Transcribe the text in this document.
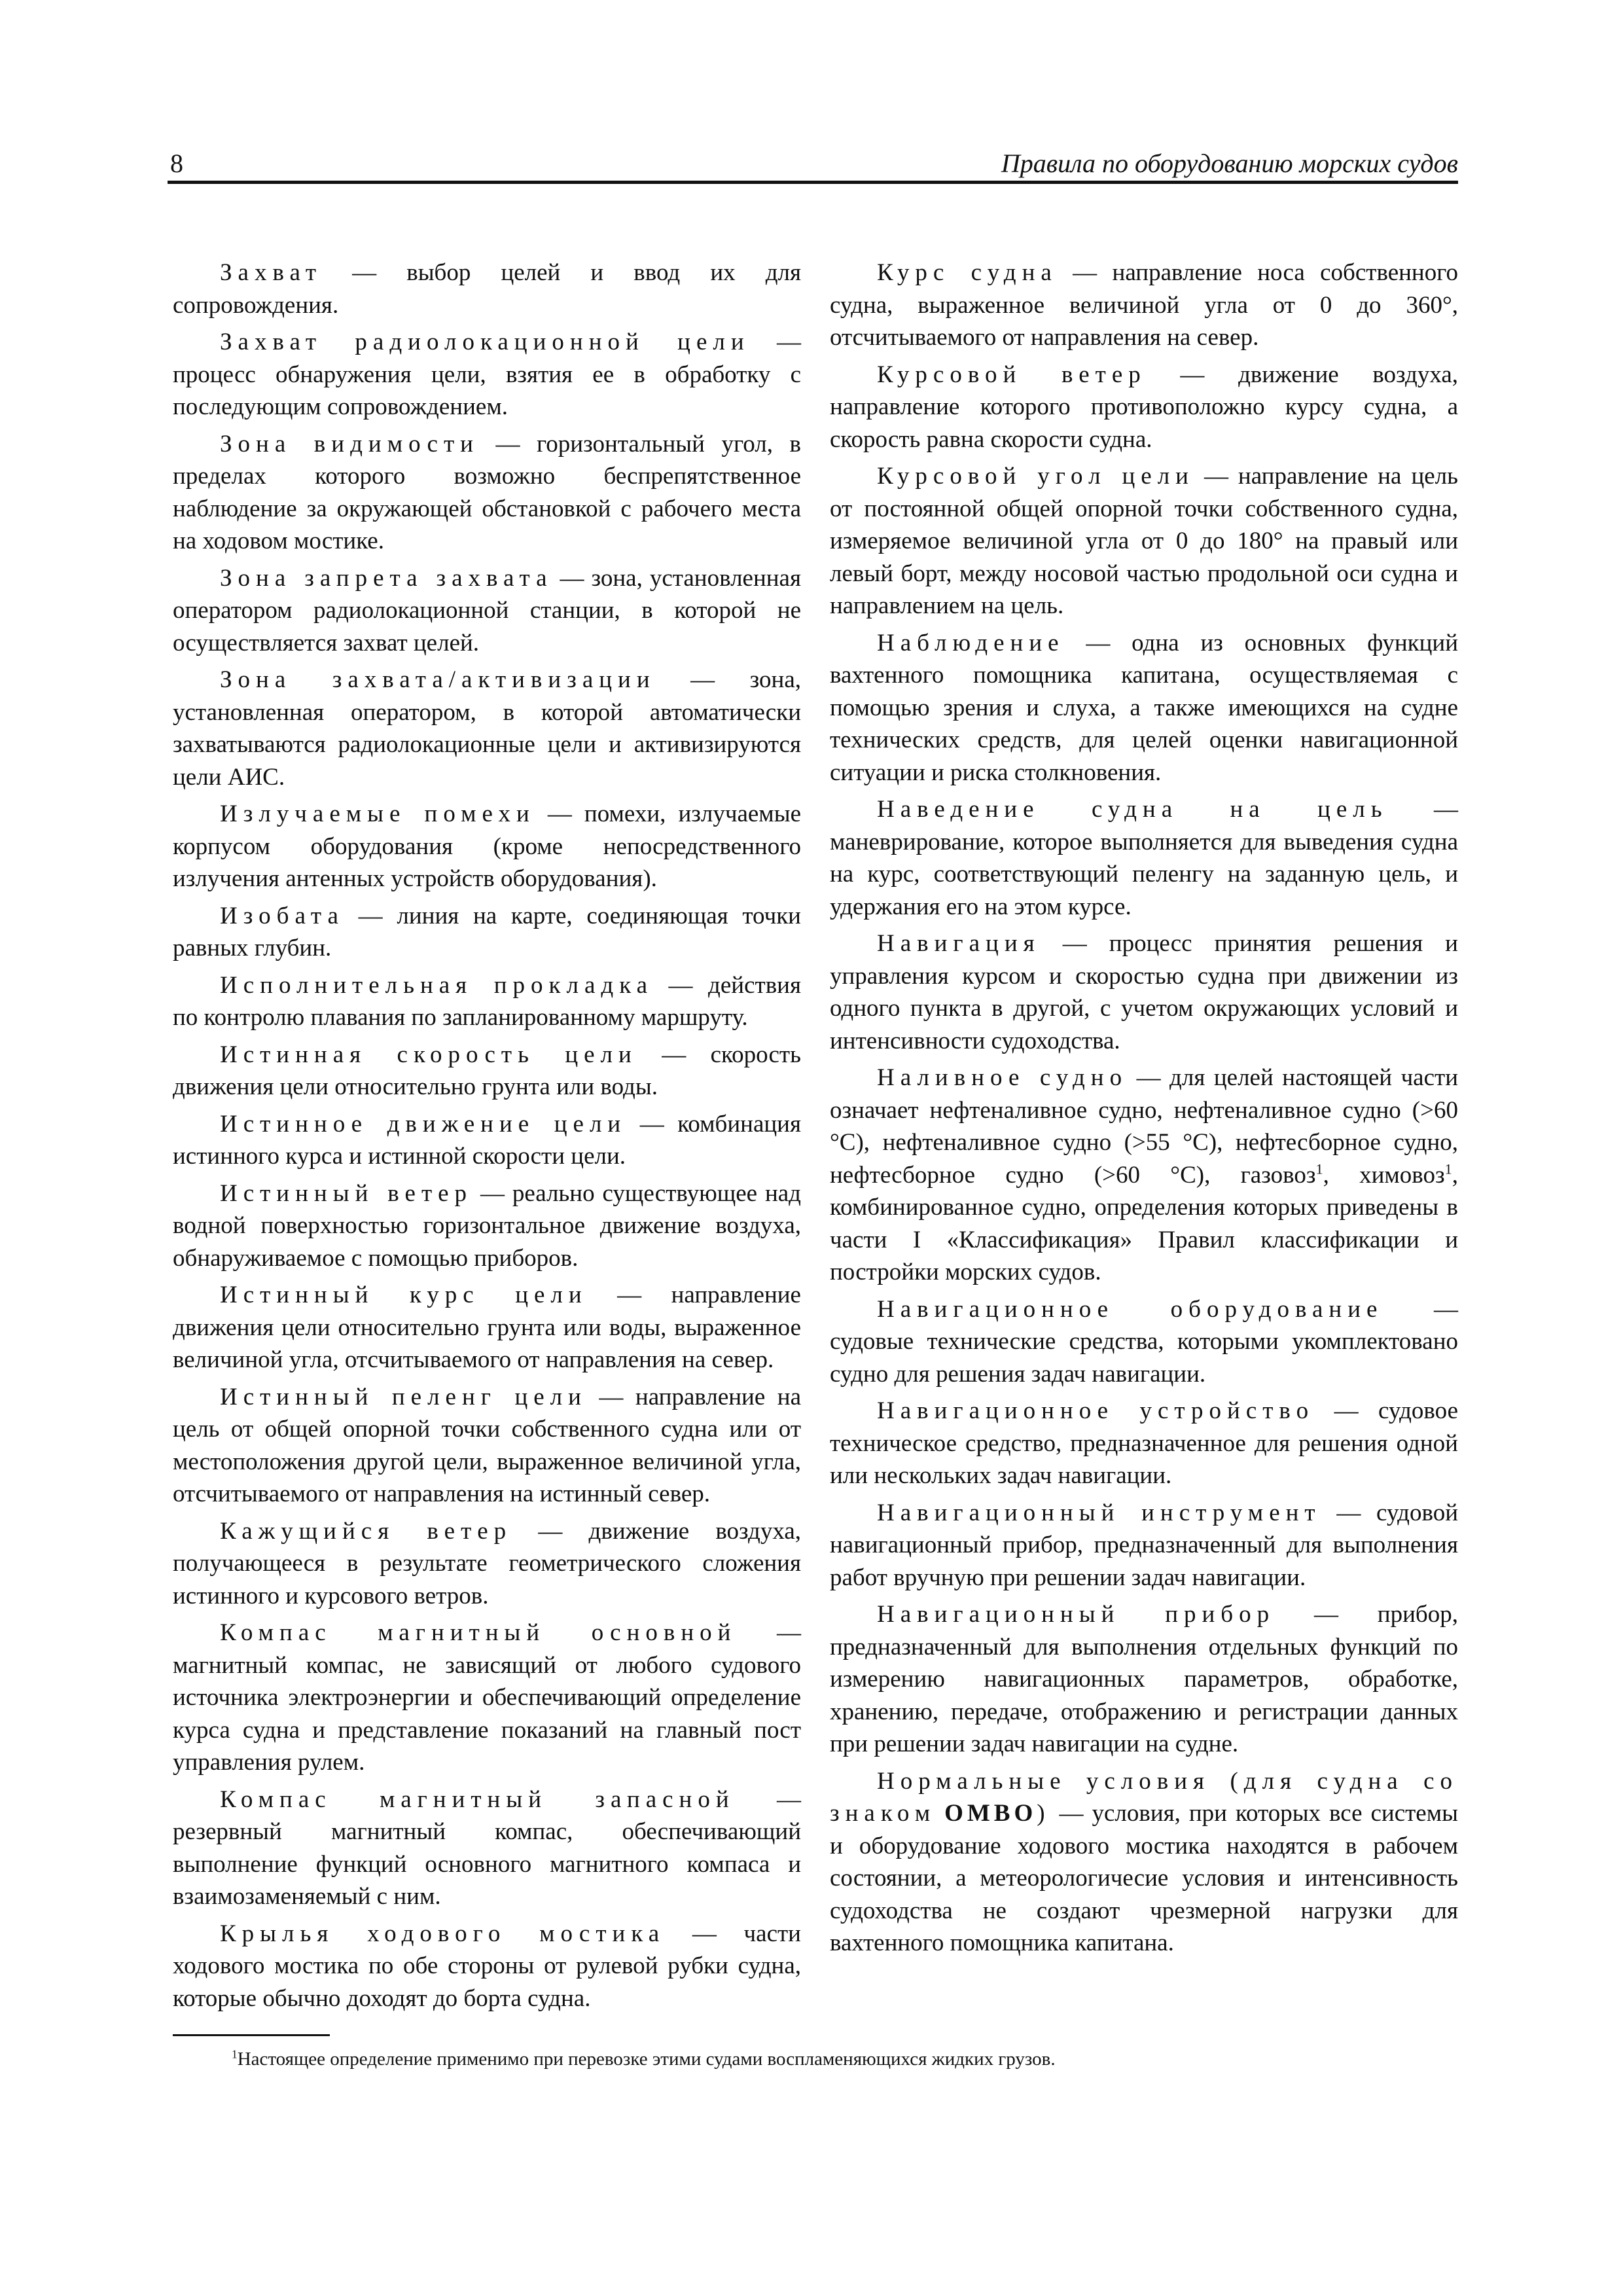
8	Правила по оборудованию морских судов

Захват — выбор целей и ввод их для сопровождения.

Захват радиолокационной цели — процесс обнаружения цели, взятия ее в обработку с последующим сопровождением.

Зона видимости — горизонтальный угол, в пределах которого возможно беспрепятственное наблюдение за окружающей обстановкой с рабочего места на ходовом мостике.

Зона запрета захвата — зона, установленная оператором радиолокационной станции, в которой не осуществляется захват целей.

Зона захвата/активизации — зона, установленная оператором, в которой автоматически захватываются радиолокационные цели и активизируются цели АИС.

Излучаемые помехи — помехи, излучаемые корпусом оборудования (кроме непосредственного излучения антенных устройств оборудования).

Изобата — линия на карте, соединяющая точки равных глубин.

Исполнительная прокладка — действия по контролю плавания по запланированному маршруту.

Истинная скорость цели — скорость движения цели относительно грунта или воды.

Истинное движение цели — комбинация истинного курса и истинной скорости цели.

Истинный ветер — реально существующее над водной поверхностью горизонтальное движение воздуха, обнаруживаемое с помощью приборов.

Истинный курс цели — направление движения цели относительно грунта или воды, выраженное величиной угла, отсчитываемого от направления на север.

Истинный пеленг цели — направление на цель от общей опорной точки собственного судна или от местоположения другой цели, выраженное величиной угла, отсчитываемого от направления на истинный север.

Кажущийся ветер — движение воздуха, получающееся в результате геометрического сложения истинного и курсового ветров.

Компас магнитный основной — магнитный компас, не зависящий от любого судового источника электроэнергии и обеспечивающий определение курса судна и представление показаний на главный пост управления рулем.

Компас магнитный запасной — резервный магнитный компас, обеспечивающий выполнение функций основного магнитного компаса и взаимозаменяемый с ним.

Крылья ходового мостика — части ходового мостика по обе стороны от рулевой рубки судна, которые обычно доходят до борта судна.

Курс судна — направление носа собственного судна, выраженное величиной угла от 0 до 360°, отсчитываемого от направления на север.

Курсовой ветер — движение воздуха, направление которого противоположно курсу судна, а скорость равна скорости судна.

Курсовой угол цели — направление на цель от постоянной общей опорной точки собственного судна, измеряемое величиной угла от 0 до 180° на правый или левый борт, между носовой частью продольной оси судна и направлением на цель.

Наблюдение — одна из основных функций вахтенного помощника капитана, осуществляемая с помощью зрения и слуха, а также имеющихся на судне технических средств, для целей оценки навигационной ситуации и риска столкновения.

Наведение судна на цель — маневрирование, которое выполняется для выведения судна на курс, соответствующий пеленгу на заданную цель, и удержания его на этом курсе.

Навигация — процесс принятия решения и управления курсом и скоростью судна при движении из одного пункта в другой, с учетом окружающих условий и интенсивности судоходства.

Наливное судно — для целей настоящей части означает нефтеналивное судно, нефтеналивное судно (>60 °C), нефтеналивное судно (>55 °C), нефтесборное судно, нефтесборное судно (>60 °C), газовоз$^1$, химовоз$^1$, комбинированное судно, определения которых приведены в части I «Классификация» Правил классификации и постройки морских судов.

Навигационное оборудование — судовые технические средства, которыми укомплектовано судно для решения задач навигации.

Навигационное устройство — судовое техническое средство, предназначенное для решения одной или нескольких задач навигации.

Навигационный инструмент — судовой навигационный прибор, предназначенный для выполнения работ вручную при решении задач навигации.

Навигационный прибор — прибор, предназначенный для выполнения отдельных функций по измерению навигационных параметров, обработке, хранению, передаче, отображению и регистрации данных при решении задач навигации на судне.

Нормальные условия (для судна со знаком OMBO) — условия, при которых все системы и оборудование ходового мостика находятся в рабочем состоянии, а метеорологичесие условия и интенсивность судоходства не создают чрезмерной нагрузки для вахтенного помощника капитана.

$^1$Настоящее определение применимо при перевозке этими судами воспламеняющихся жидких грузов.
